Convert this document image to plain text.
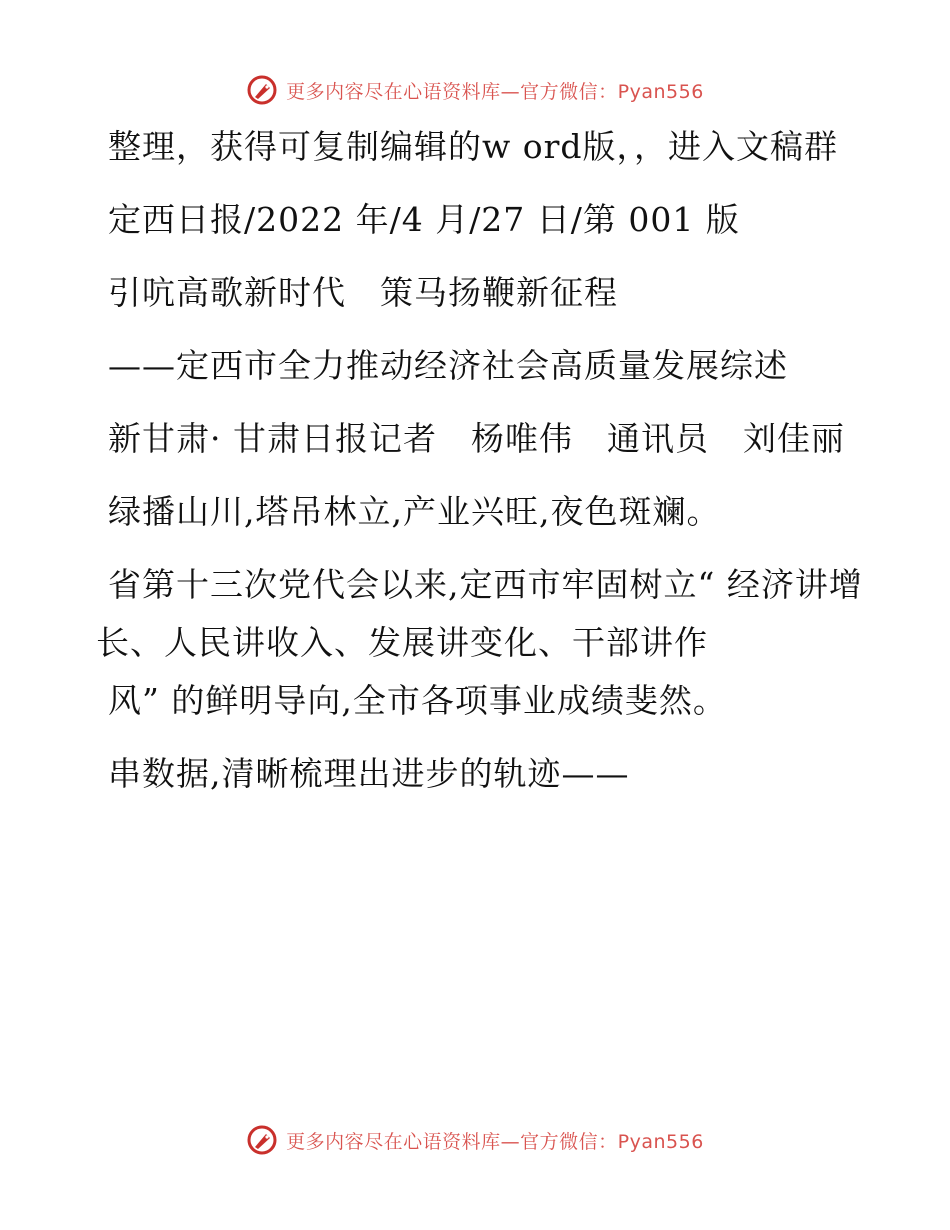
更多内容尽在心语资料库—官方微信：Pyan556

整理，获得可复制编辑的w ord版，，进入文稿群

定西日报/2022 年/4 月/27 日/第 001 版

引吭高歌新时代　策马扬鞭新征程

——定西市全力推动经济社会高质量发展综述

新甘肃· 甘肃日报记者　杨唯伟　通讯员　刘佳丽

绿播山川,塔吊林立,产业兴旺,夜色斑斓。

省第十三次党代会以来,定西市牢固树立“ 经济讲增长、人民讲收入、发展讲变化、干部讲作

风” 的鲜明导向,全市各项事业成绩斐然。

串数据,清晰梳理出进步的轨迹——

更多内容尽在心语资料库—官方微信：Pyan556
